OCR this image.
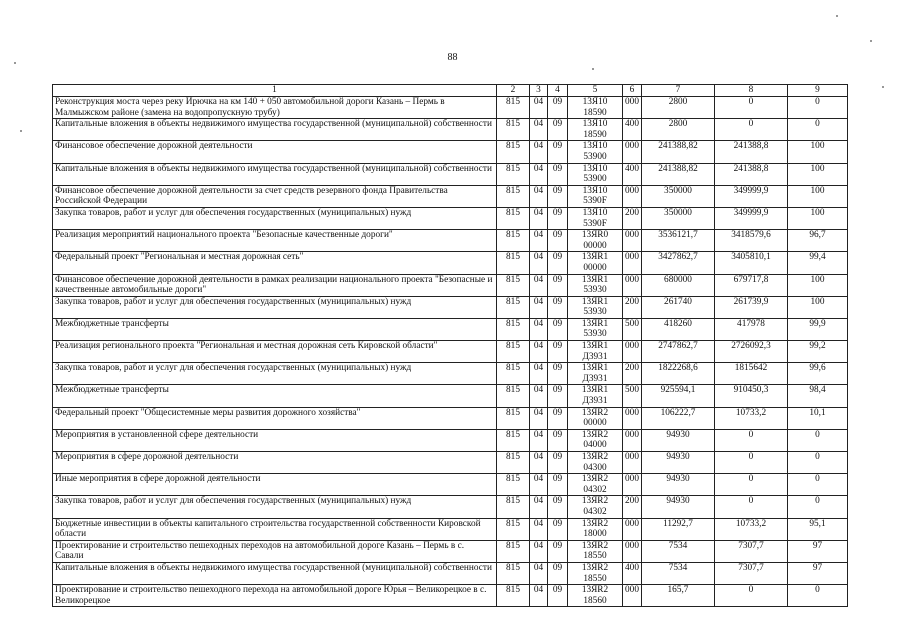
88
1	2	3	4	5	6	7	8	9
Реконструкция моста через реку Ирючка на км 140 + 050 автомобильной дороги Казань – Пермь в Малмыжском районе (замена на водопропускную трубу)	815	04	09	13Я10 18590	000	2800	0	0
Капитальные вложения в объекты недвижимого имущества государственной (муниципальной) собственности	815	04	09	13Я10 18590	400	2800	0	0
Финансовое обеспечение дорожной деятельности	815	04	09	13Я10 53900	000	241388,82	241388,8	100
Капитальные вложения в объекты недвижимого имущества государственной (муниципальной) собственности	815	04	09	13Я10 53900	400	241388,82	241388,8	100
Финансовое обеспечение дорожной деятельности за счет средств резервного фонда Правительства Российской Федерации	815	04	09	13Я10 5390F	000	350000	349999,9	100
Закупка товаров, работ и услуг для обеспечения государственных (муниципальных) нужд	815	04	09	13Я10 5390F	200	350000	349999,9	100
Реализация мероприятий национального проекта "Безопасные качественные дороги"	815	04	09	13ЯR0 00000	000	3536121,7	3418579,6	96,7
Федеральный проект "Региональная и местная дорожная сеть"	815	04	09	13ЯR1 00000	000	3427862,7	3405810,1	99,4
Финансовое обеспечение дорожной деятельности в рамках реализации национального проекта "Безопасные и качественные автомобильные дороги"	815	04	09	13ЯR1 53930	000	680000	679717,8	100
Закупка товаров, работ и услуг для обеспечения государственных (муниципальных) нужд	815	04	09	13ЯR1 53930	200	261740	261739,9	100
Межбюджетные трансферты	815	04	09	13ЯR1 53930	500	418260	417978	99,9
Реализация регионального проекта "Региональная и местная дорожная сеть Кировской области"	815	04	09	13ЯR1 Д3931	000	2747862,7	2726092,3	99,2
Закупка товаров, работ и услуг для обеспечения государственных (муниципальных) нужд	815	04	09	13ЯR1 Д3931	200	1822268,6	1815642	99,6
Межбюджетные трансферты	815	04	09	13ЯR1 Д3931	500	925594,1	910450,3	98,4
Федеральный проект "Общесистемные меры развития дорожного хозяйства"	815	04	09	13ЯR2 00000	000	106222,7	10733,2	10,1
Мероприятия в установленной сфере деятельности	815	04	09	13ЯR2 04000	000	94930	0	0
Мероприятия в сфере дорожной деятельности	815	04	09	13ЯR2 04300	000	94930	0	0
Иные мероприятия в сфере дорожной деятельности	815	04	09	13ЯR2 04302	000	94930	0	0
Закупка товаров, работ и услуг для обеспечения государственных (муниципальных) нужд	815	04	09	13ЯR2 04302	200	94930	0	0
Бюджетные инвестиции в объекты капитального строительства государственной собственности Кировской области	815	04	09	13ЯR2 18000	000	11292,7	10733,2	95,1
Проектирование и строительство пешеходных переходов на автомобильной дороге Казань – Пермь в с. Савали	815	04	09	13ЯR2 18550	000	7534	7307,7	97
Капитальные вложения в объекты недвижимого имущества государственной (муниципальной) собственности	815	04	09	13ЯR2 18550	400	7534	7307,7	97
Проектирование и строительство пешеходного перехода на автомобильной дороге Юрья – Великорецкое в с. Великорецкое	815	04	09	13ЯR2 18560	000	165,7	0	0
